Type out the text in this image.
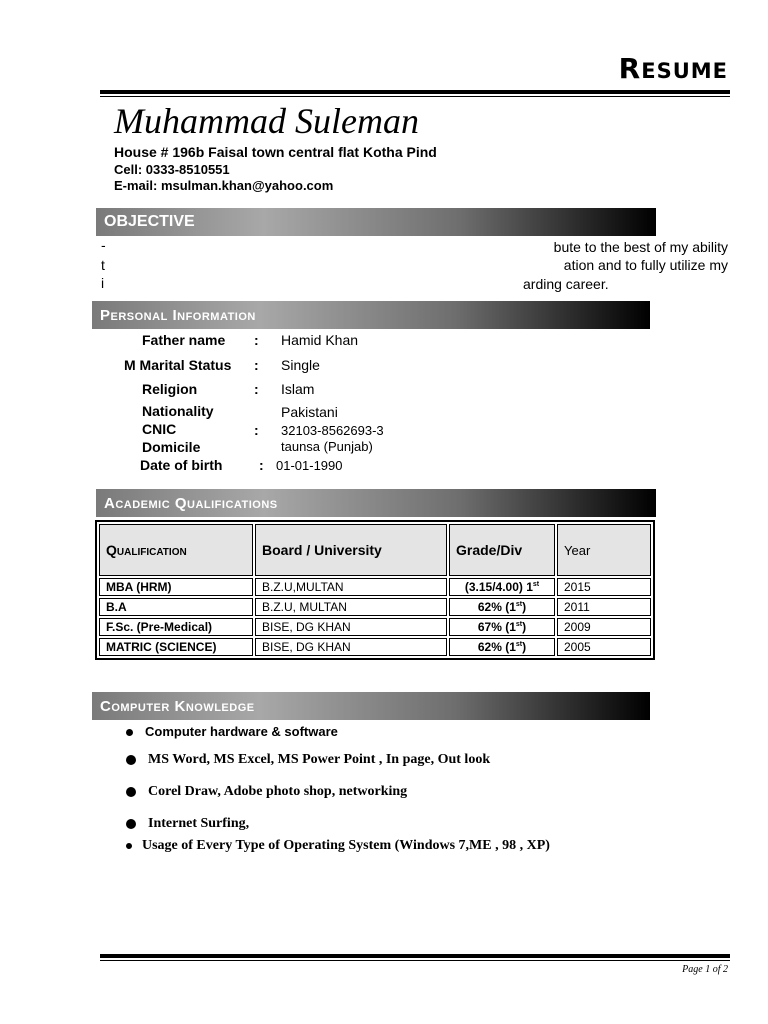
RESUME
Muhammad Suleman
House # 196b Faisal town central flat Kotha Pind
Cell: 0333-8510551
E-mail: msulman.khan@yahoo.com
OBJECTIVE
-	bute to the best of my ability
t	ation and to fully utilize my
i	arding career.
Personal Information
Father name : Hamid Khan
M Marital Status : Single
Religion	: Islam
Nationality	Pakistani
CNIC	: 32103-8562693-3
Domicile	taunsa (Punjab)
Date of birth	: 01-01-1990
Academic Qualifications
Qualification	Board / University	Grade/Div	Year
MBA (HRM)	B.Z.U,MULTAN	(3.15/4.00) 1st	2015
B.A	B.Z.U, MULTAN	62% (1st)	2011
F.Sc. (Pre-Medical)	BISE, DG KHAN	67% (1st)	2009
MATRIC (SCIENCE)	BISE, DG KHAN	62% (1st)	2005
Computer Knowledge
Computer hardware & software
MS Word, MS Excel, MS Power Point , In page, Out look
Corel Draw, Adobe photo shop, networking
Internet Surfing,
Usage of Every Type of Operating System (Windows 7,ME , 98 , XP)
Page 1 of 2
